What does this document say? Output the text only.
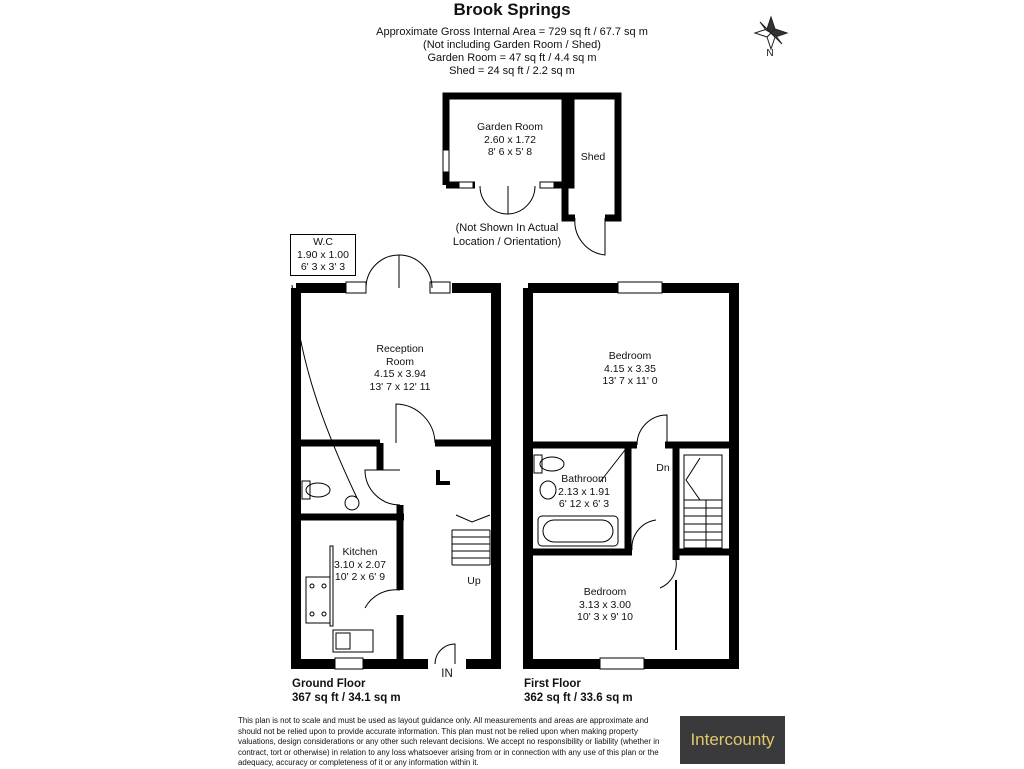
Brook Springs
Approximate Gross Internal Area = 729 sq ft / 67.7 sq m
(Not including Garden Room / Shed)
Garden Room = 47 sq ft / 4.4 sq m
Shed = 24 sq ft / 2.2 sq m
Garden Room
2.60 x 1.72
8' 6 x 5' 8	Shed
(Not Shown In Actual
Location / Orientation)
W.C
1.90 x 1.00
6' 3 x 3' 3
Reception
Room
4.15 x 3.94
13' 7 x 12' 11
Kitchen
3.10 x 2.07
10' 2 x 6' 9	Up
IN
Ground Floor
367 sq ft / 34.1 sq m
Bedroom
4.15 x 3.35
13' 7 x 11' 0
Bathroom
2.13 x 1.91
6' 12 x 6' 3
Dn
Bedroom
3.13 x 3.00
10' 3 x 9' 10
First Floor
362 sq ft / 33.6 sq m
N
This plan is not to scale and must be used as layout guidance only. All measurements and areas are approximate and should not be relied upon to provide accurate information. This plan must not be relied upon when making property valuations, design considerations or any other such relevant decisions. We accept no responsibility or liability (whether in contract, tort or otherwise) in relation to any loss whatsoever arising from or in connection with any use of this plan or the adequacy, accuracy or completeness of it or any information within it.
Intercounty
